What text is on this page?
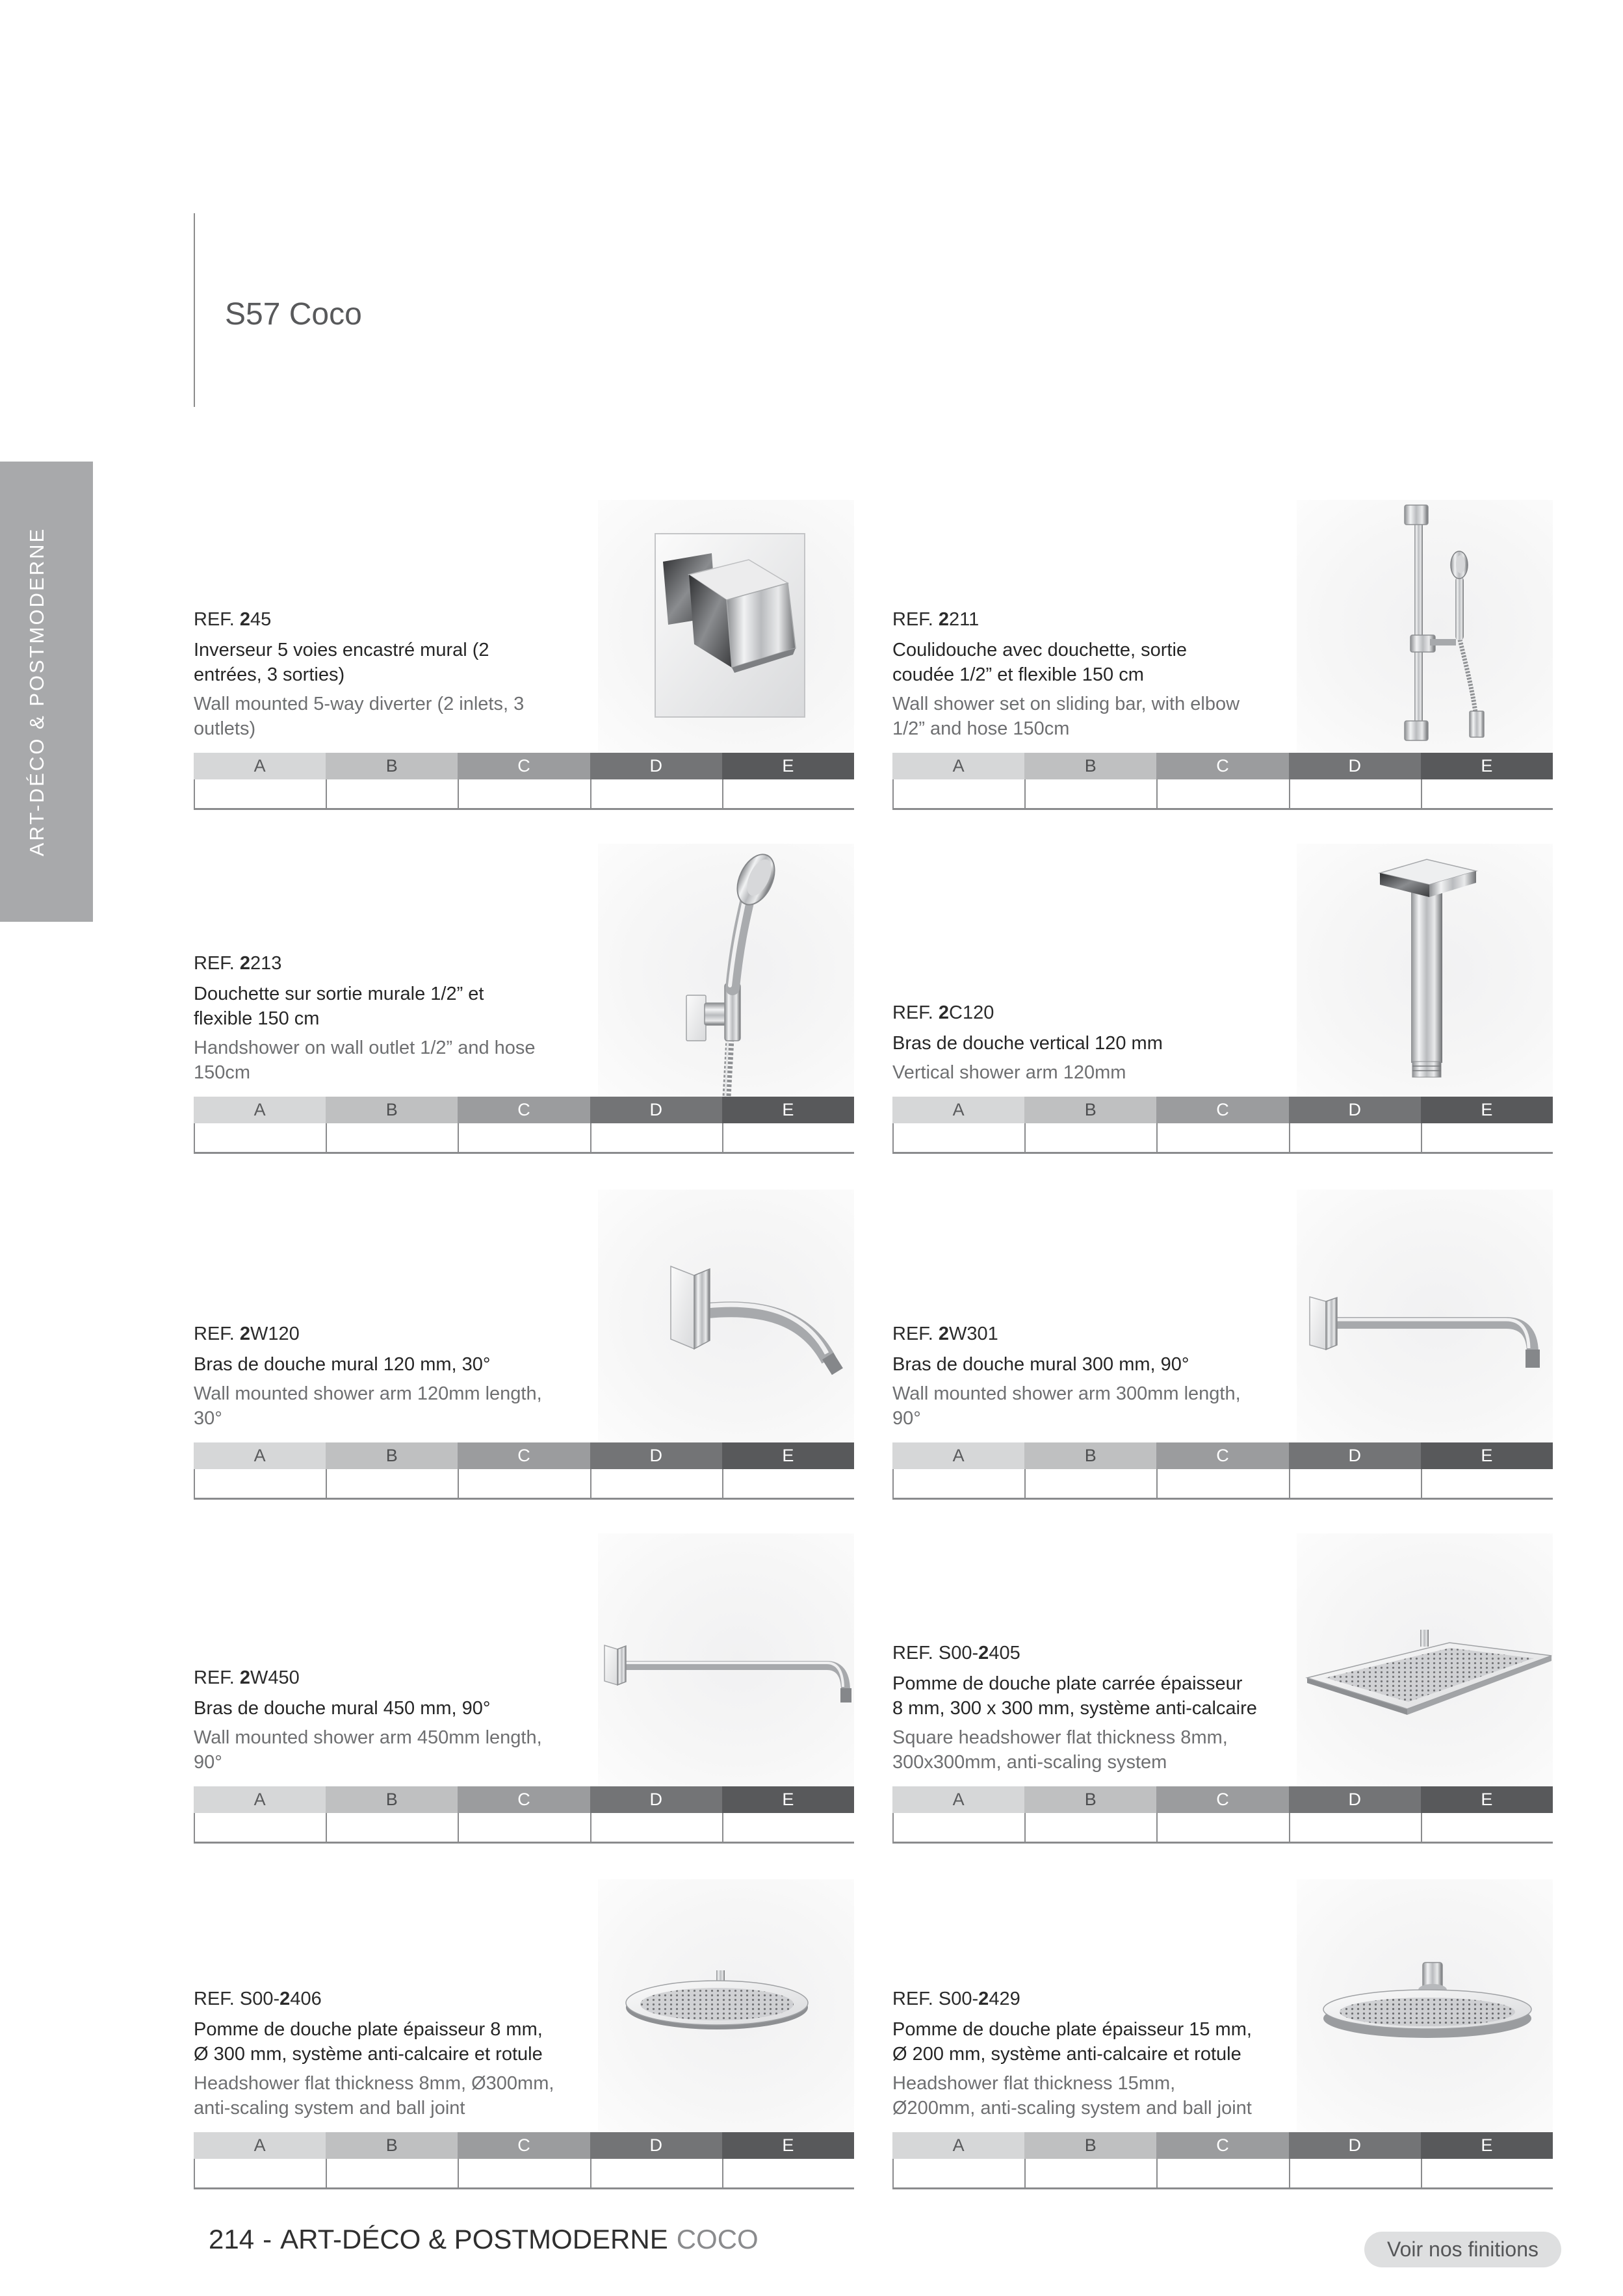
S57 Coco
ART-DÉCO & POSTMODERNE	REF. 245
Inverseur 5 voies encastré mural (2
entrées, 3 sorties)
Wall mounted 5-way diverter (2 inlets, 3
outlets)
A	B	C	D	E
REF. 2211
Coulidouche avec douchette, sortie
coudée 1/2” et flexible 150 cm
Wall shower set on sliding bar, with elbow
1/2” and hose 150cm
A	B	C	D	E
REF. 2213
Douchette sur sortie murale 1/2” et
flexible 150 cm
Handshower on wall outlet 1/2” and hose
150cm
A	B	C	D	E
REF. 2C120
Bras de douche vertical 120 mm
Vertical shower arm 120mm
A	B	C	D	E
REF. 2W120
Bras de douche mural 120 mm, 30°
Wall mounted shower arm 120mm length,
30°
A	B	C	D	E
REF. 2W301
Bras de douche mural 300 mm, 90°
Wall mounted shower arm 300mm length,
90°
A	B	C	D	E
REF. 2W450
Bras de douche mural 450 mm, 90°
Wall mounted shower arm 450mm length,
90°
A	B	C	D	E
REF. S00-2405
Pomme de douche plate carrée épaisseur
8 mm, 300 x 300 mm, système anti-calcaire
Square headshower flat thickness 8mm,
300x300mm, anti-scaling system
A	B	C	D	E
REF. S00-2406
Pomme de douche plate épaisseur 8 mm,
Ø 300 mm, système anti-calcaire et rotule
Headshower flat thickness 8mm, Ø300mm,
anti-scaling system and ball joint
A	B	C	D	E
REF. S00-2429
Pomme de douche plate épaisseur 15 mm,
Ø 200 mm, système anti-calcaire et rotule
Headshower flat thickness 15mm,
Ø200mm, anti-scaling system and ball joint
A	B	C	D	E
214 - ART-DÉCO & POSTMODERNE COCO	Voir nos finitions
